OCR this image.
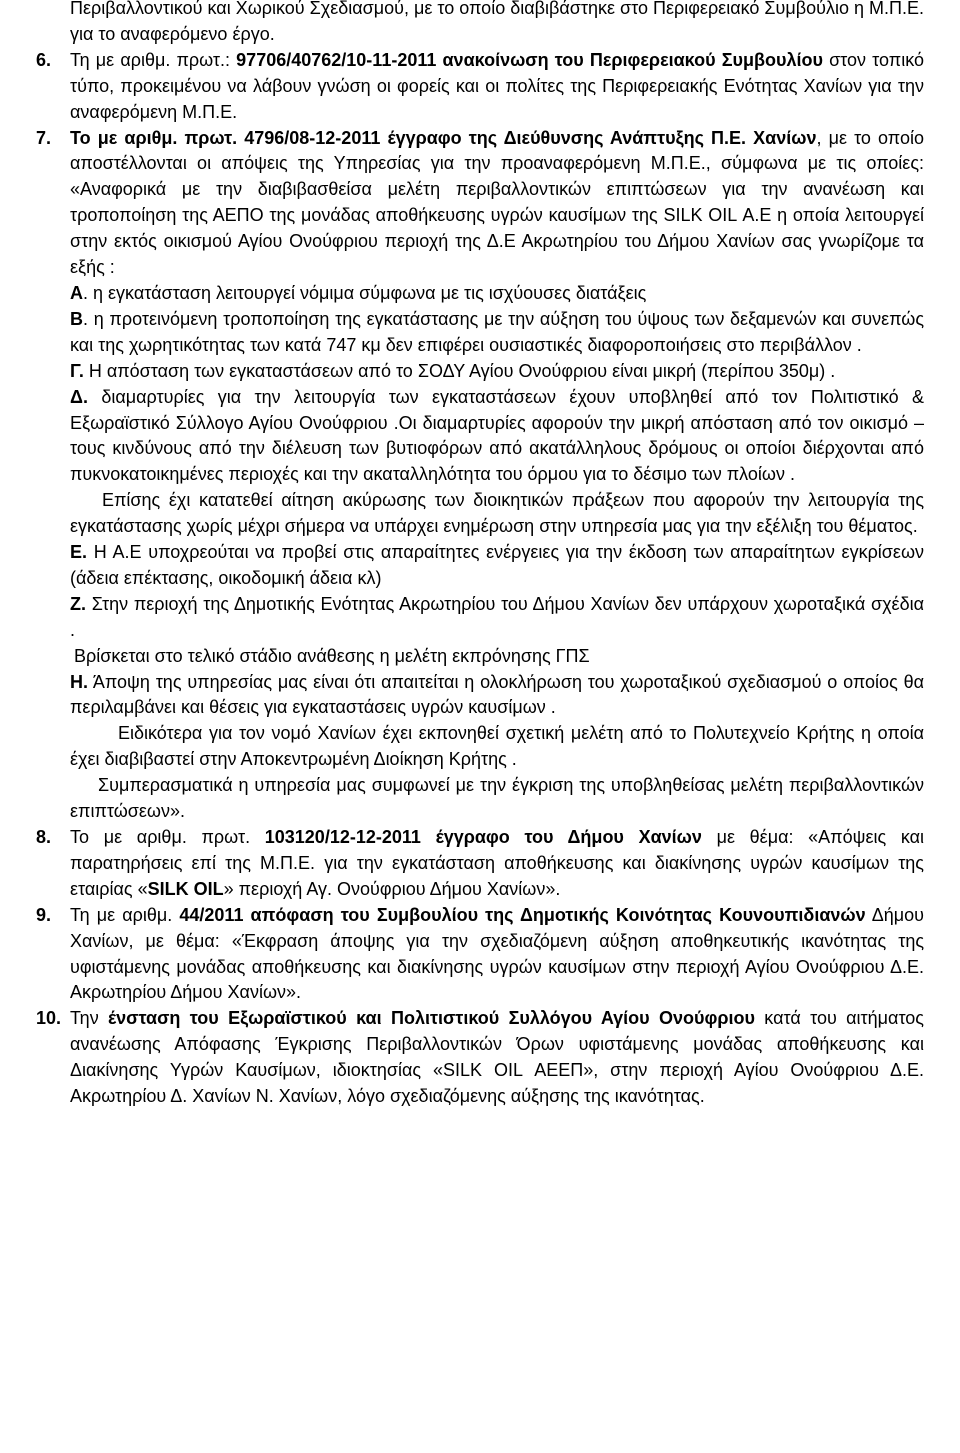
Περιβαλλοντικού και Χωρικού Σχεδιασμού, με το οποίο διαβιβάστηκε στο Περιφερειακό Συμβούλιο η Μ.Π.Ε. για το αναφερόμενο έργο.

6.	Τη με αριθμ. πρωτ.: 97706/40762/10-11-2011 ανακοίνωση του Περιφερειακού Συμβουλίου στον τοπικό τύπο, προκειμένου να λάβουν γνώση οι φορείς και οι πολίτες της Περιφερειακής Ενότητας Χανίων για την αναφερόμενη Μ.Π.Ε.
7.	Το με αριθμ. πρωτ. 4796/08-12-2011 έγγραφο της Διεύθυνσης Ανάπτυξης Π.Ε. Χανίων, με το οποίο αποστέλλονται οι απόψεις της Υπηρεσίας για την προαναφερόμενη Μ.Π.Ε., σύμφωνα με τις οποίες: «Αναφορικά με την διαβιβασθείσα μελέτη περιβαλλοντικών επιπτώσεων για την ανανέωση και τροποποίηση της ΑΕΠΟ της μονάδας αποθήκευσης υγρών καυσίμων της SILK OIL Α.Ε η οποία λειτουργεί στην εκτός οικισμού Αγίου Ονούφριου περιοχή της Δ.Ε Ακρωτηρίου του Δήμου Χανίων σας γνωρίζομε τα εξής :

Α. η εγκατάσταση λειτουργεί νόμιμα σύμφωνα με τις ισχύουσες διατάξεις

Β. η προτεινόμενη τροποποίηση της εγκατάστασης με την αύξηση του ύψους των δεξαμενών και συνεπώς και της χωρητικότητας των κατά 747 κμ δεν επιφέρει ουσιαστικές διαφοροποιήσεις στο περιβάλλον .

Γ. Η απόσταση των εγκαταστάσεων από το ΣΟΔΥ Αγίου Ονούφριου είναι μικρή (περίπου 350μ) .

Δ. διαμαρτυρίες για την λειτουργία των εγκαταστάσεων έχουν υποβληθεί από τον Πολιτιστικό & Εξωραϊστικό Σύλλογο Αγίου Ονούφριου .Οι διαμαρτυρίες αφορούν την μικρή απόσταση από τον οικισμό –τους κινδύνους από την διέλευση των βυτιοφόρων από ακατάλληλους δρόμους οι οποίοι διέρχονται από πυκνοκατοικημένες περιοχές και την ακαταλληλότητα του όρμου για το δέσιμο των πλοίων .

Επίσης έχι κατατεθεί αίτηση ακύρωσης των διοικητικών πράξεων που αφορούν την λειτουργία της εγκατάστασης χωρίς μέχρι σήμερα να υπάρχει ενημέρωση στην υπηρεσία μας για την εξέλιξη του θέματος.

Ε. Η Α.Ε υποχρεούται να προβεί στις απαραίτητες ενέργειες για την έκδοση των απαραίτητων εγκρίσεων (άδεια επέκτασης, οικοδομική άδεια κλ)

Ζ. Στην περιοχή της Δημοτικής Ενότητας Ακρωτηρίου του Δήμου Χανίων δεν υπάρχουν χωροταξικά σχέδια .

Βρίσκεται στο τελικό στάδιο ανάθεσης η μελέτη εκπρόνησης ΓΠΣ

Η. Άποψη της υπηρεσίας μας είναι ότι απαιτείται η ολοκλήρωση του χωροταξικού σχεδιασμού ο οποίος θα περιλαμβάνει και θέσεις για εγκαταστάσεις υγρών καυσίμων .

Ειδικότερα για τον νομό Χανίων έχει εκπονηθεί σχετική μελέτη από το Πολυτεχνείο Κρήτης η οποία έχει διαβιβαστεί στην Αποκεντρωμένη Διοίκηση Κρήτης .

Συμπερασματικά η υπηρεσία μας συμφωνεί με την έγκριση της υποβληθείσας μελέτη περιβαλλοντικών επιπτώσεων».

8.	Το με αριθμ. πρωτ. 103120/12-12-2011 έγγραφο του Δήμου Χανίων με θέμα: «Απόψεις και παρατηρήσεις επί της Μ.Π.Ε. για την εγκατάσταση αποθήκευσης και διακίνησης υγρών καυσίμων της εταιρίας «SILK OIL» περιοχή Αγ. Ονούφριου Δήμου Χανίων».
9.	Τη με αριθμ. 44/2011 απόφαση του Συμβουλίου της Δημοτικής Κοινότητας Κουνουπιδιανών Δήμου Χανίων, με θέμα: «Έκφραση άποψης για την σχεδιαζόμενη αύξηση αποθηκευτικής ικανότητας της υφιστάμενης μονάδας αποθήκευσης και διακίνησης υγρών καυσίμων στην περιοχή Αγίου Ονούφριου Δ.Ε. Ακρωτηρίου Δήμου Χανίων».
10. Την ένσταση του Εξωραϊστικού και Πολιτιστικού Συλλόγου Αγίου Ονούφριου κατά του αιτήματος ανανέωσης Απόφασης Έγκρισης Περιβαλλοντικών Όρων υφιστάμενης μονάδας αποθήκευσης και Διακίνησης Υγρών Καυσίμων, ιδιοκτησίας «SILK OIL ΑΕΕΠ», στην περιοχή Αγίου Ονούφριου Δ.Ε. Ακρωτηρίου Δ. Χανίων Ν. Χανίων, λόγο σχεδιαζόμενης αύξησης της ικανότητας.
